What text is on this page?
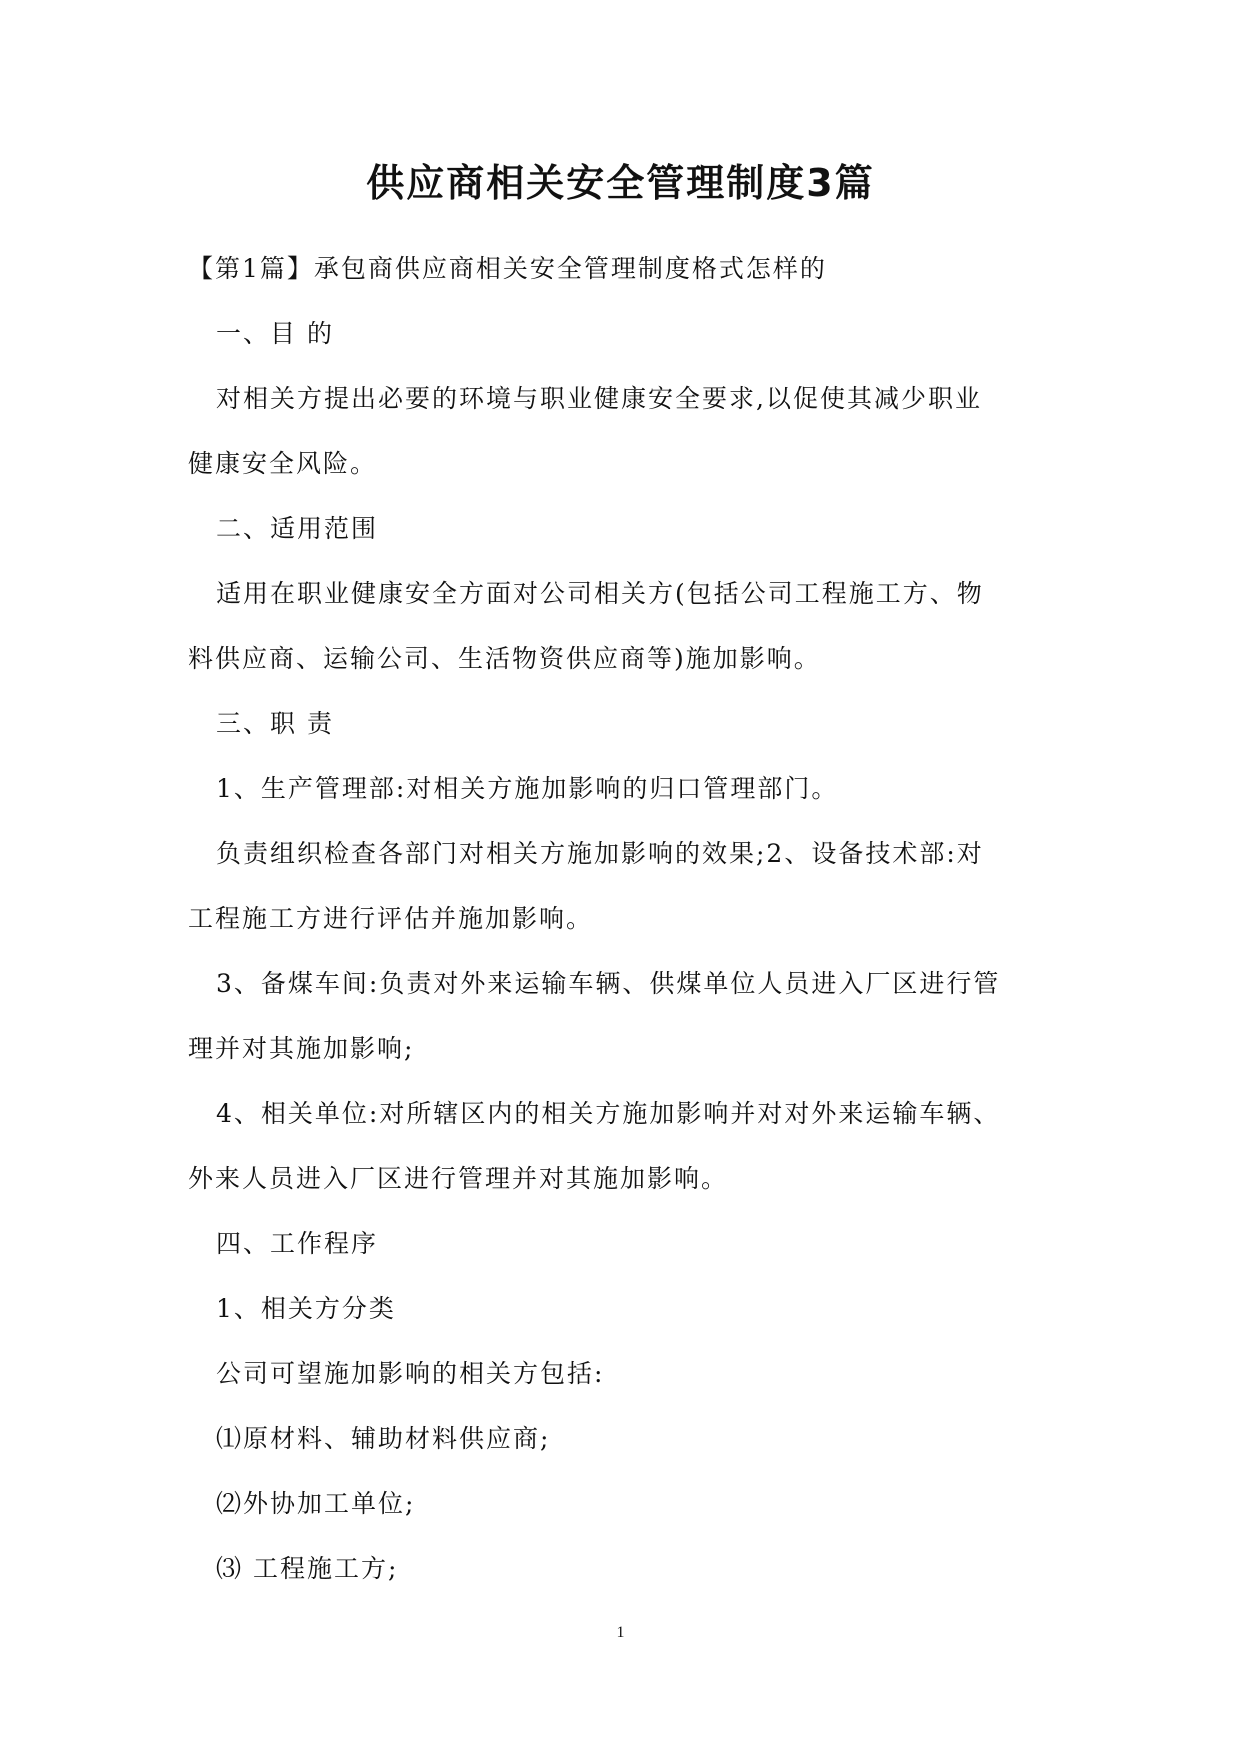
供应商相关安全管理制度3篇
【第1篇】承包商供应商相关安全管理制度格式怎样的
一、目 的
对相关方提出必要的环境与职业健康安全要求,以促使其减少职业
健康安全风险。
二、适用范围
适用在职业健康安全方面对公司相关方(包括公司工程施工方、物
料供应商、运输公司、生活物资供应商等)施加影响。
三、职 责
1、生产管理部:对相关方施加影响的归口管理部门。
负责组织检查各部门对相关方施加影响的效果;2、设备技术部:对
工程施工方进行评估并施加影响。
3、备煤车间:负责对外来运输车辆、供煤单位人员进入厂区进行管
理并对其施加影响;
4、相关单位:对所辖区内的相关方施加影响并对对外来运输车辆、
外来人员进入厂区进行管理并对其施加影响。
四、工作程序
1、相关方分类
公司可望施加影响的相关方包括:
⑴原材料、辅助材料供应商;
⑵外协加工单位;
⑶ 工程施工方;
1
